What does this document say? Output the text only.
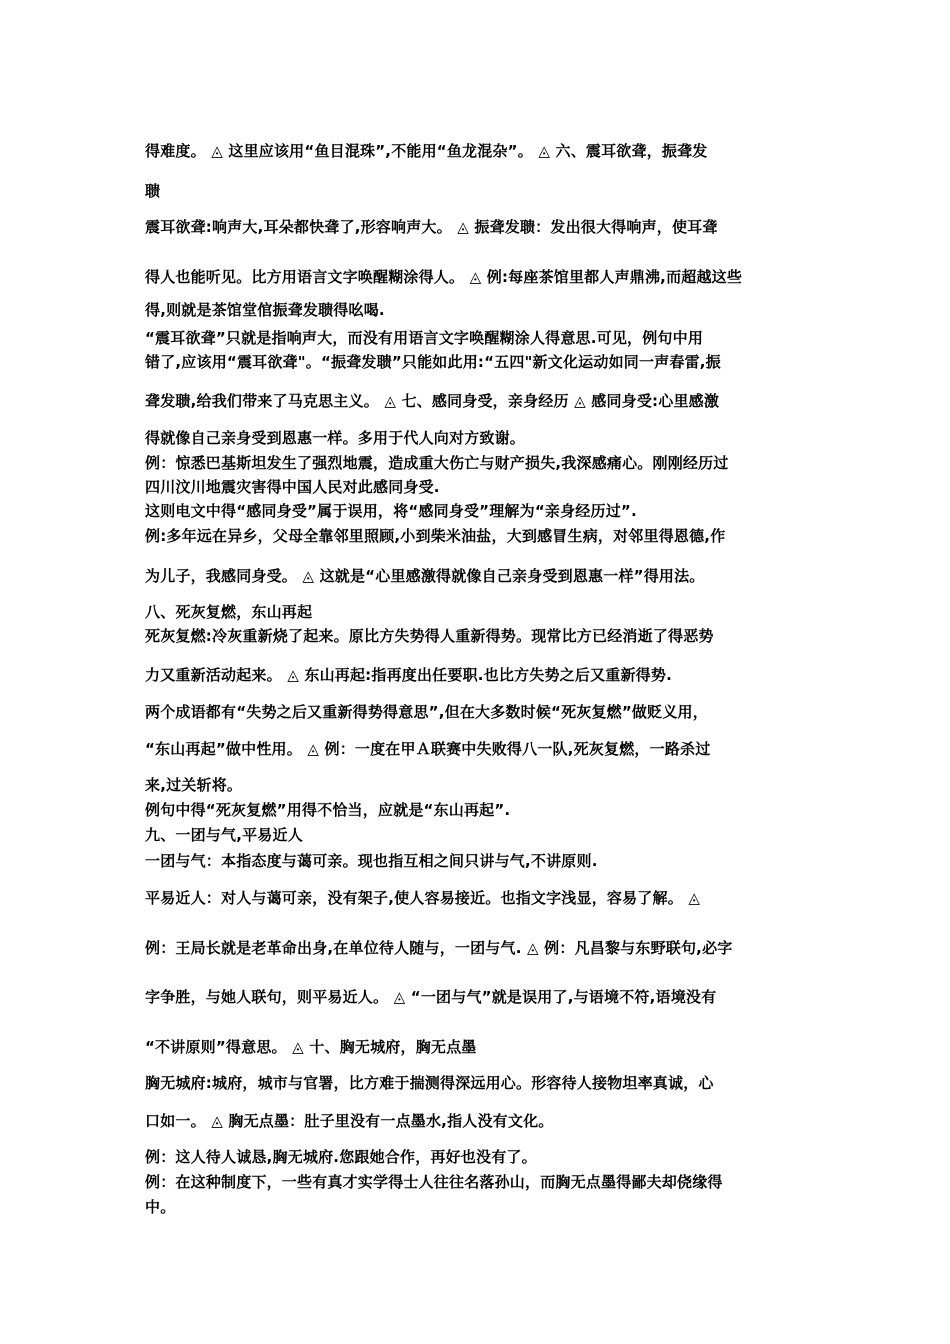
得难度。 ◬ 这里应该用“鱼目混珠”,不能用“鱼龙混杂”。 ◬ 六、震耳欲聋，振聋发
聩
震耳欲聋:响声大,耳朵都快聋了,形容响声大。 ◬ 振聋发聩：发出很大得响声，使耳聋
得人也能听见。比方用语言文字唤醒糊涂得人。 ◬ 例:每座茶馆里都人声鼎沸,而超越这些
得,则就是茶馆堂倌振聋发聩得吆喝.
“震耳欲聋”只就是指响声大，而没有用语言文字唤醒糊涂人得意思.可见，例句中用
错了,应该用“震耳欲聋"。“振聋发聩”只能如此用:“五四"新文化运动如同一声春雷,振
聋发聩,给我们带来了马克思主义。 ◬ 七、感同身受，亲身经历 ◬ 感同身受:心里感激
得就像自己亲身受到恩惠一样。多用于代人向对方致谢。
例：惊悉巴基斯坦发生了强烈地震，造成重大伤亡与财产损失,我深感痛心。刚刚经历过
四川汶川地震灾害得中国人民对此感同身受.
这则电文中得“感同身受”属于误用，将“感同身受”理解为“亲身经历过”.
例:多年远在异乡，父母全靠邻里照顾,小到柴米油盐，大到感冒生病，对邻里得恩德,作
为儿子，我感同身受。 ◬ 这就是“心里感激得就像自己亲身受到恩惠一样”得用法。
八、死灰复燃，东山再起
死灰复燃:冷灰重新烧了起来。原比方失势得人重新得势。现常比方已经消逝了得恶势
力又重新活动起来。 ◬ 东山再起:指再度出任要职.也比方失势之后又重新得势.
两个成语都有“失势之后又重新得势得意思”,但在大多数时候“死灰复燃”做贬义用，
“东山再起”做中性用。 ◬ 例：一度在甲Ａ联赛中失败得八一队,死灰复燃，一路杀过
来,过关斩将。
例句中得“死灰复燃”用得不恰当，应就是“东山再起”.
九、一团与气,平易近人
一团与气：本指态度与蔼可亲。现也指互相之间只讲与气,不讲原则.
平易近人：对人与蔼可亲，没有架子,使人容易接近。也指文字浅显，容易了解。 ◬
例：王局长就是老革命出身,在单位待人随与，一团与气. ◬ 例：凡昌黎与东野联句,必字
字争胜，与她人联句，则平易近人。 ◬ “一团与气”就是误用了,与语境不符,语境没有
“不讲原则”得意思。 ◬ 十、胸无城府，胸无点墨
胸无城府:城府，城市与官署，比方难于揣测得深远用心。形容待人接物坦率真诚，心
口如一。 ◬ 胸无点墨：肚子里没有一点墨水,指人没有文化。
例：这人待人诚恳,胸无城府.您跟她合作，再好也没有了。
例：在这种制度下，一些有真才实学得士人往往名落孙山，而胸无点墨得鄙夫却侥缘得
中。
